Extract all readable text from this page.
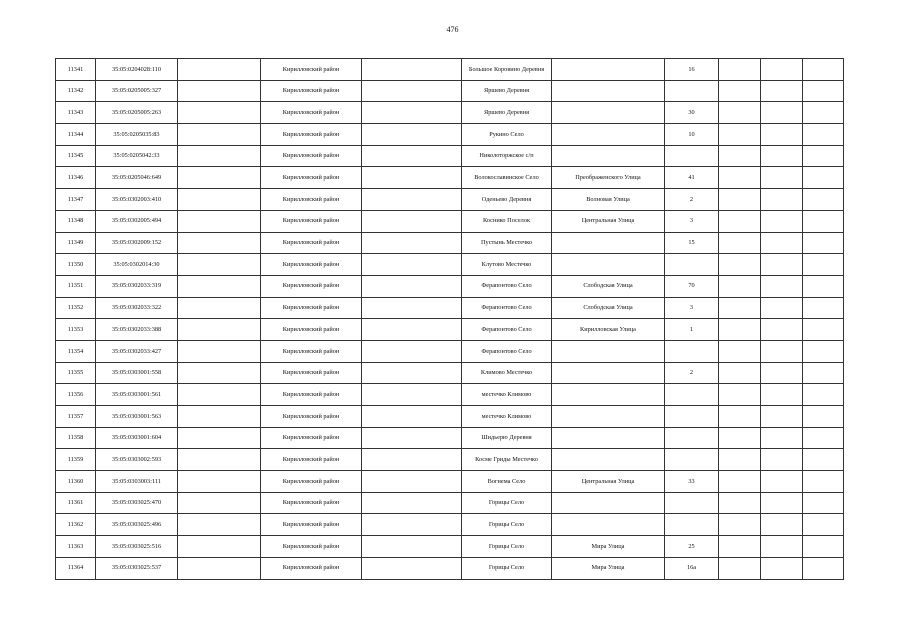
476
11341	35:05:0204028:110		Кирилловский район		Большое Коровино Деревня		16			
11342	35:05:0205005:327		Кирилловский район		Яршево Деревня					
11343	35:05:0205005:263		Кирилловский район		Яршево Деревня		30			
11344	35:05:0205035:83		Кирилловский район		Рукино Село		10			
11345	35:05:0205042:33		Кирилловский район		Николоторжское с/п					
11346	35:05:0205046:649		Кирилловский район		Волокославинское Село	Преображенского Улица	41			
11347	35:05:0302003:410		Кирилловский район		Оденьево Деревня	Волновая Улица	2			
11348	35:05:0302005:494		Кирилловский район		Коснико Поселок	Центральная Улица	3			
11349	35:05:0302009:152		Кирилловский район		Пустынь Местечко		15			
11350	35:05:0302014:30		Кирилловский район		Клутово Местечко					
11351	35:05:0302033:319		Кирилловский район		Ферапонтово Село	Слободская Улица	70			
11352	35:05:0302033:322		Кирилловский район		Ферапонтово Село	Слободская Улица	3			
11353	35:05:0302033:388		Кирилловский район		Ферапонтово Село	Кирилловская Улица	1			
11354	35:05:0302033:427		Кирилловский район		Ферапонтово Село					
11355	35:05:0303001:558		Кирилловский район		Климово Местечко		2			
11356	35:05:0303001:561		Кирилловский район		местечко Климово					
11357	35:05:0303001:563		Кирилловский район		местечко Климово					
11358	35:05:0303001:604		Кирилловский район		Шидьерю Деревня					
11359	35:05:0303002:593		Кирилловский район		Косме Гриды Местечко					
11360	35:05:0303003:111		Кирилловский район		Вогнема Село	Центральная Улица	33			
11361	35:05:0303025:470		Кирилловский район		Горицы Село					
11362	35:05:0303025:496		Кирилловский район		Горицы Село					
11363	35:05:0303025:516		Кирилловский район		Горицы Село	Мира Улица	25			
11364	35:05:0303025:537		Кирилловский район		Горицы Село	Мира Улица	16а			
